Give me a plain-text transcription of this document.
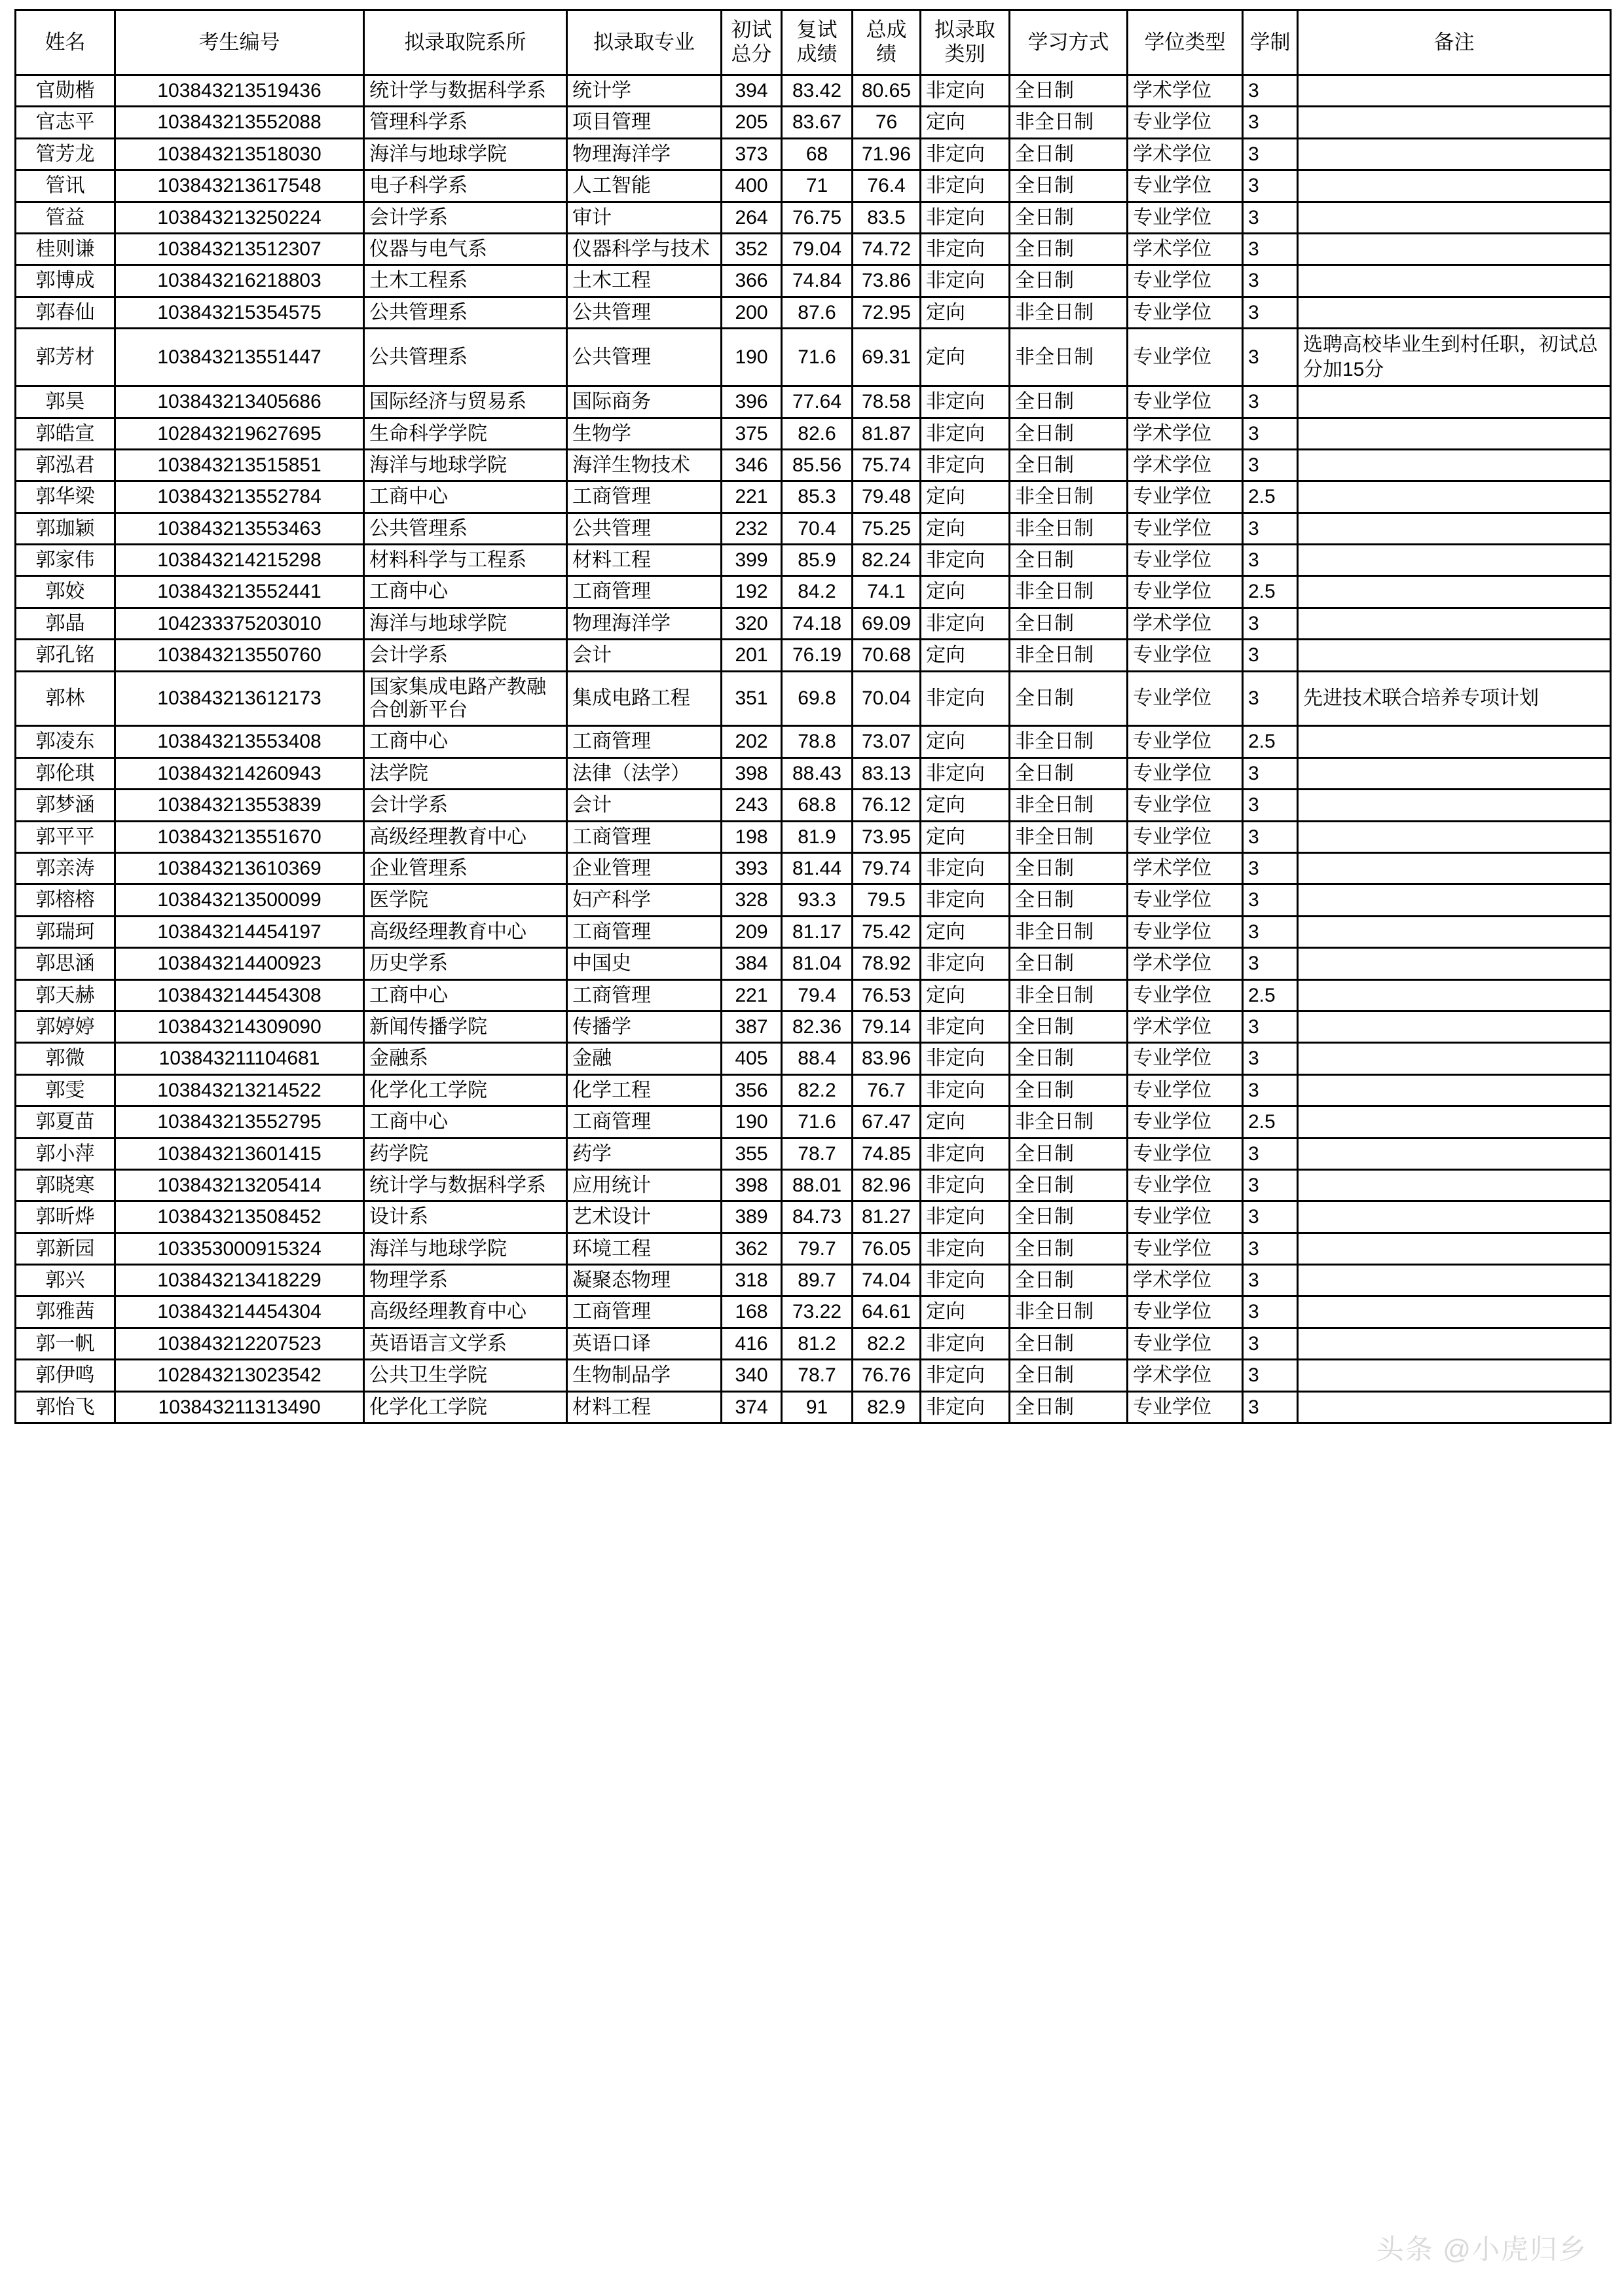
姓名	考生编号	拟录取院系所	拟录取专业	初试总分	复试成绩	总成绩	拟录取类别	学习方式	学位类型	学制	备注
官勋楷	103843213519436	统计学与数据科学系	统计学	394	83.42	80.65	非定向	全日制	学术学位	3	
官志平	103843213552088	管理科学系	项目管理	205	83.67	76	定向	非全日制	专业学位	3	
管芳龙	103843213518030	海洋与地球学院	物理海洋学	373	68	71.96	非定向	全日制	学术学位	3	
管讯	103843213617548	电子科学系	人工智能	400	71	76.4	非定向	全日制	专业学位	3	
管益	103843213250224	会计学系	审计	264	76.75	83.5	非定向	全日制	专业学位	3	
桂则谦	103843213512307	仪器与电气系	仪器科学与技术	352	79.04	74.72	非定向	全日制	学术学位	3	
郭博成	103843216218803	土木工程系	土木工程	366	74.84	73.86	非定向	全日制	专业学位	3	
郭春仙	103843215354575	公共管理系	公共管理	200	87.6	72.95	定向	非全日制	专业学位	3	
郭芳材	103843213551447	公共管理系	公共管理	190	71.6	69.31	定向	非全日制	专业学位	3	选聘高校毕业生到村任职，初试总分加15分
郭昊	103843213405686	国际经济与贸易系	国际商务	396	77.64	78.58	非定向	全日制	专业学位	3	
郭皓宣	102843219627695	生命科学学院	生物学	375	82.6	81.87	非定向	全日制	学术学位	3	
郭泓君	103843213515851	海洋与地球学院	海洋生物技术	346	85.56	75.74	非定向	全日制	学术学位	3	
郭华梁	103843213552784	工商中心	工商管理	221	85.3	79.48	定向	非全日制	专业学位	2.5	
郭珈颖	103843213553463	公共管理系	公共管理	232	70.4	75.25	定向	非全日制	专业学位	3	
郭家伟	103843214215298	材料科学与工程系	材料工程	399	85.9	82.24	非定向	全日制	专业学位	3	
郭姣	103843213552441	工商中心	工商管理	192	84.2	74.1	定向	非全日制	专业学位	2.5	
郭晶	104233375203010	海洋与地球学院	物理海洋学	320	74.18	69.09	非定向	全日制	学术学位	3	
郭孔铭	103843213550760	会计学系	会计	201	76.19	70.68	定向	非全日制	专业学位	3	
郭林	103843213612173	国家集成电路产教融合创新平台	集成电路工程	351	69.8	70.04	非定向	全日制	专业学位	3	先进技术联合培养专项计划
郭凌东	103843213553408	工商中心	工商管理	202	78.8	73.07	定向	非全日制	专业学位	2.5	
郭伦琪	103843214260943	法学院	法律（法学）	398	88.43	83.13	非定向	全日制	专业学位	3	
郭梦涵	103843213553839	会计学系	会计	243	68.8	76.12	定向	非全日制	专业学位	3	
郭平平	103843213551670	高级经理教育中心	工商管理	198	81.9	73.95	定向	非全日制	专业学位	3	
郭亲涛	103843213610369	企业管理系	企业管理	393	81.44	79.74	非定向	全日制	学术学位	3	
郭榕榕	103843213500099	医学院	妇产科学	328	93.3	79.5	非定向	全日制	专业学位	3	
郭瑞珂	103843214454197	高级经理教育中心	工商管理	209	81.17	75.42	定向	非全日制	专业学位	3	
郭思涵	103843214400923	历史学系	中国史	384	81.04	78.92	非定向	全日制	学术学位	3	
郭天赫	103843214454308	工商中心	工商管理	221	79.4	76.53	定向	非全日制	专业学位	2.5	
郭婷婷	103843214309090	新闻传播学院	传播学	387	82.36	79.14	非定向	全日制	学术学位	3	
郭微	103843211104681	金融系	金融	405	88.4	83.96	非定向	全日制	专业学位	3	
郭雯	103843213214522	化学化工学院	化学工程	356	82.2	76.7	非定向	全日制	专业学位	3	
郭夏苗	103843213552795	工商中心	工商管理	190	71.6	67.47	定向	非全日制	专业学位	2.5	
郭小萍	103843213601415	药学院	药学	355	78.7	74.85	非定向	全日制	专业学位	3	
郭晓寒	103843213205414	统计学与数据科学系	应用统计	398	88.01	82.96	非定向	全日制	专业学位	3	
郭昕烨	103843213508452	设计系	艺术设计	389	84.73	81.27	非定向	全日制	专业学位	3	
郭新园	103353000915324	海洋与地球学院	环境工程	362	79.7	76.05	非定向	全日制	专业学位	3	
郭兴	103843213418229	物理学系	凝聚态物理	318	89.7	74.04	非定向	全日制	学术学位	3	
郭雅茜	103843214454304	高级经理教育中心	工商管理	168	73.22	64.61	定向	非全日制	专业学位	3	
郭一帆	103843212207523	英语语言文学系	英语口译	416	81.2	82.2	非定向	全日制	专业学位	3	
郭伊鸣	102843213023542	公共卫生学院	生物制品学	340	78.7	76.76	非定向	全日制	学术学位	3	
郭怡飞	103843211313490	化学化工学院	材料工程	374	91	82.9	非定向	全日制	专业学位	3	
头条 @小虎归乡
